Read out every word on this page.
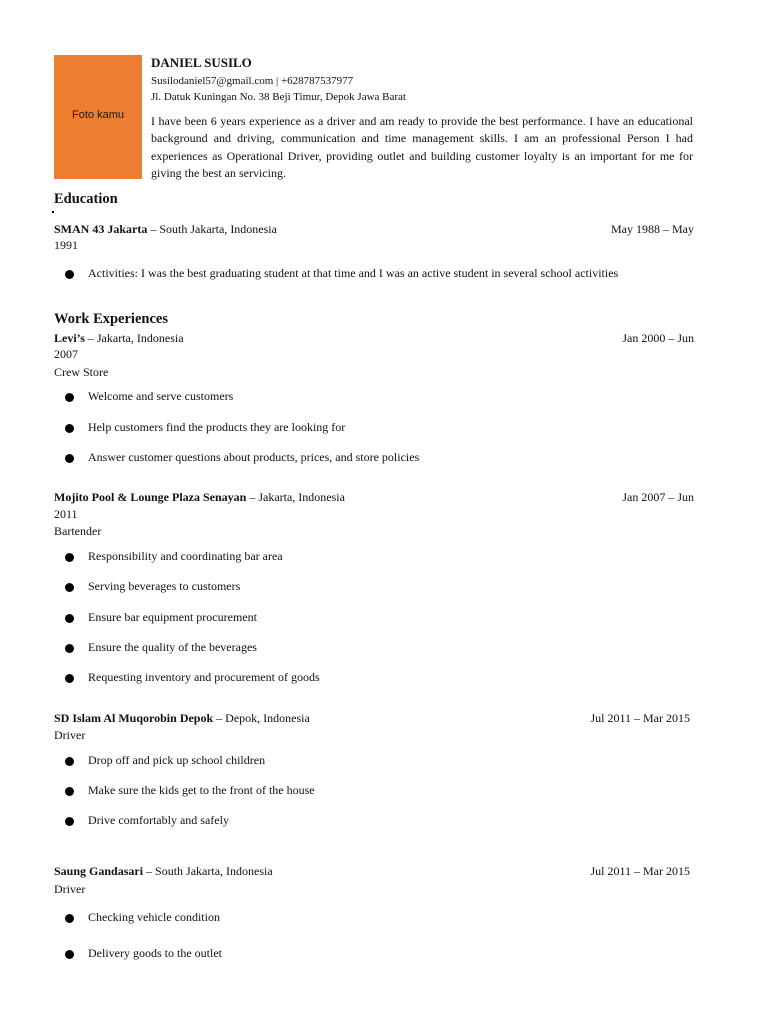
Foto kamu
DANIEL SUSILO
Susilodaniel57@gmail.com | +628787537977
Jl. Datuk Kuningan No. 38 Beji Timur, Depok Jawa Barat
I have been 6 years experience as a driver and am ready to provide the best performance. I have an educational background and driving, communication and time management skills. I am an professional Person I had experiences as Operational Driver, providing outlet and building customer loyalty is an important for me for giving the best an servicing.
Education
SMAN 43 Jakarta – South Jakarta, Indonesia	May 1988 – May
1991
Activities: I was the best graduating student at that time and I was an active student in several school activities
Work Experiences
Levi’s – Jakarta, Indonesia	Jan 2000 – Jun
2007
Crew Store
Welcome and serve customers
Help customers find the products they are looking for
Answer customer questions about products, prices, and store policies
Mojito Pool & Lounge Plaza Senayan – Jakarta, Indonesia	Jan 2007 – Jun
2011
Bartender
Responsibility and coordinating bar area
Serving beverages to customers
Ensure bar equipment procurement
Ensure the quality of the beverages
Requesting inventory and procurement of goods
SD Islam Al Muqorobin Depok – Depok, Indonesia	Jul 2011 – Mar 2015
Driver
Drop off and pick up school children
Make sure the kids get to the front of the house
Drive comfortably and safely
Saung Gandasari – South Jakarta, Indonesia	Jul 2011 – Mar 2015
Driver
Checking vehicle condition
Delivery goods to the outlet
